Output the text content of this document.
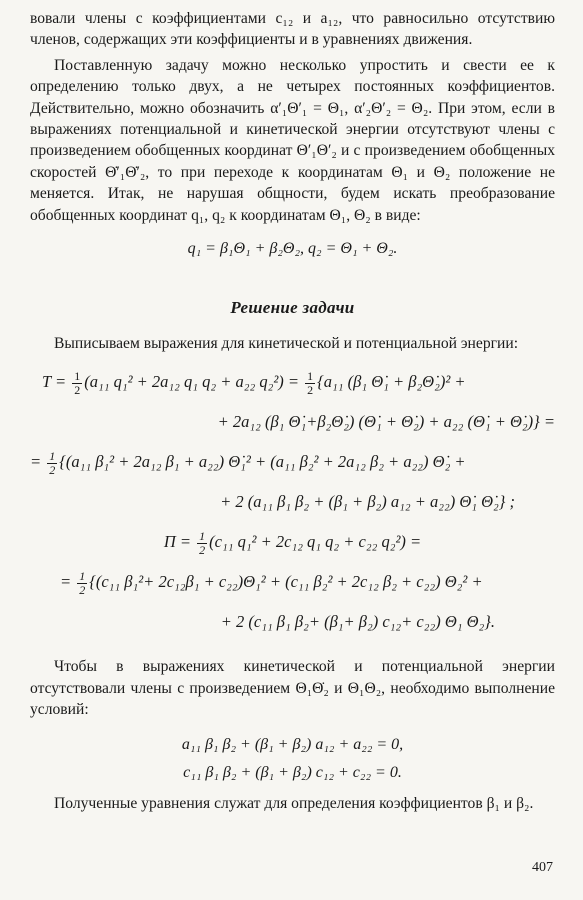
вовали члены с коэффициентами c₁₂ и a₁₂, что равносильно отсутствию членов, содержащих эти коэффициенты и в уравнениях движения.

Поставленную задачу можно несколько упростить и свести ее к определению только двух, а не четырех постоянных коэффициентов. Действительно, можно обозначить α′₁Θ′₁ = Θ₁, α′₂Θ′₂ = Θ₂. При этом, если в выражениях потенциальной и кинетической энергии отсутствуют члены с произведением обобщенных координат Θ′₁Θ′₂ и с произведением обобщенных скоростей Θ̇′₁Θ̇′₂, то при переходе к координатам Θ₁ и Θ₂ положение не меняется. Итак, не нарушая общности, будем искать преобразование обобщенных координат q₁, q₂ к координатам Θ₁, Θ₂ в виде:

q₁ = β₁Θ₁ + β₂Θ₂, q₂ = Θ₁ + Θ₂.
Решение задачи

Выписываем выражения для кинетической и потенциальной энергии:

$T = \frac{1}{2} (a_{11}$ q₁² + 2a₁₂ q₁ q₂ + a₂₂ $q_2^2) = \frac{1}{2} \{a_{11}$ (β₁ Θ̇₁ + β₂Θ̇₂)² +
+ 2a₁₂ (β₁ Θ̇₁+β₂Θ̇₂) (Θ̇₁ + Θ̇₂) + a₂₂ (Θ̇₁ + Θ̇₂)} =
= $\frac{1}{2} \{(a_{11}$ β₁² + 2a₁₂ β₁ + a₂₂) Θ̇₁² + (a₁₁ β₂² + 2a₁₂ β₂ + a₂₂) Θ̇₂ +
+ 2 (a₁₁ β₁ β₂ + (β₁ + β₂) a₁₂ + a₂₂) Θ̇₁ Θ̇₂} ;
$\Pi = \frac{1}{2} (c_{11}$ q₁² + 2c₁₂ q₁ q₂ + c₂₂ q₂²) =
= $\frac{1}{2} \{(c_{11}$ β₁²+ 2c₁₂β₁ + c₂₂)Θ₁² + (c₁₁ β₂² + 2c₁₂ β₂ + c₂₂) Θ₂² +
+ 2 (c₁₁ β₁ β₂+ (β₁+ β₂) c₁₂+ c₂₂) Θ₁ Θ₂}.

Чтобы в выражениях кинетической и потенциальной энергии отсутствовали члены с произведением Θ₁Θ̇₂ и Θ₁Θ₂, необходимо выполнение условий:

a₁₁ β₁ β₂ + (β₁ + β₂) a₁₂ + a₂₂ = 0,
c₁₁ β₁ β₂ + (β₁ + β₂) c₁₂ + c₂₂ = 0.

Полученные уравнения служат для определения коэффициентов β₁ и β₂.

407
